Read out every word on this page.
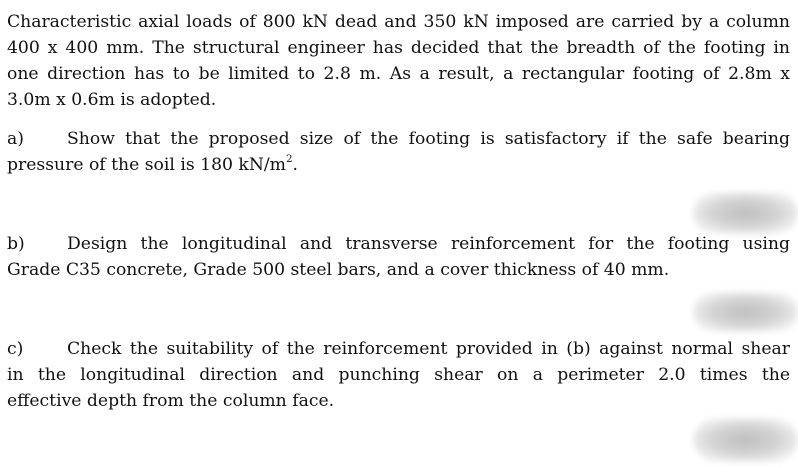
Characteristic axial loads of 800 kN dead and 350 kN imposed are carried by a column
400 x 400 mm. The structural engineer has decided that the breadth of the footing in
one direction has to be limited to 2.8 m. As a result, a rectangular footing of 2.8m x
3.0m x 0.6m is adopted.
a)	Show that the proposed size of the footing is satisfactory if the safe bearing
pressure of the soil is 180 $kN/m^2$.
b) Design the longitudinal and transverse reinforcement for the footing using
Grade C35 concrete, Grade 500 steel bars, and a cover thickness of 40 mm.
c)	Check the suitability of the reinforcement provided in (b) against normal shear
in the longitudinal direction and punching shear on a perimeter 2.0 times the
effective depth from the column face.
